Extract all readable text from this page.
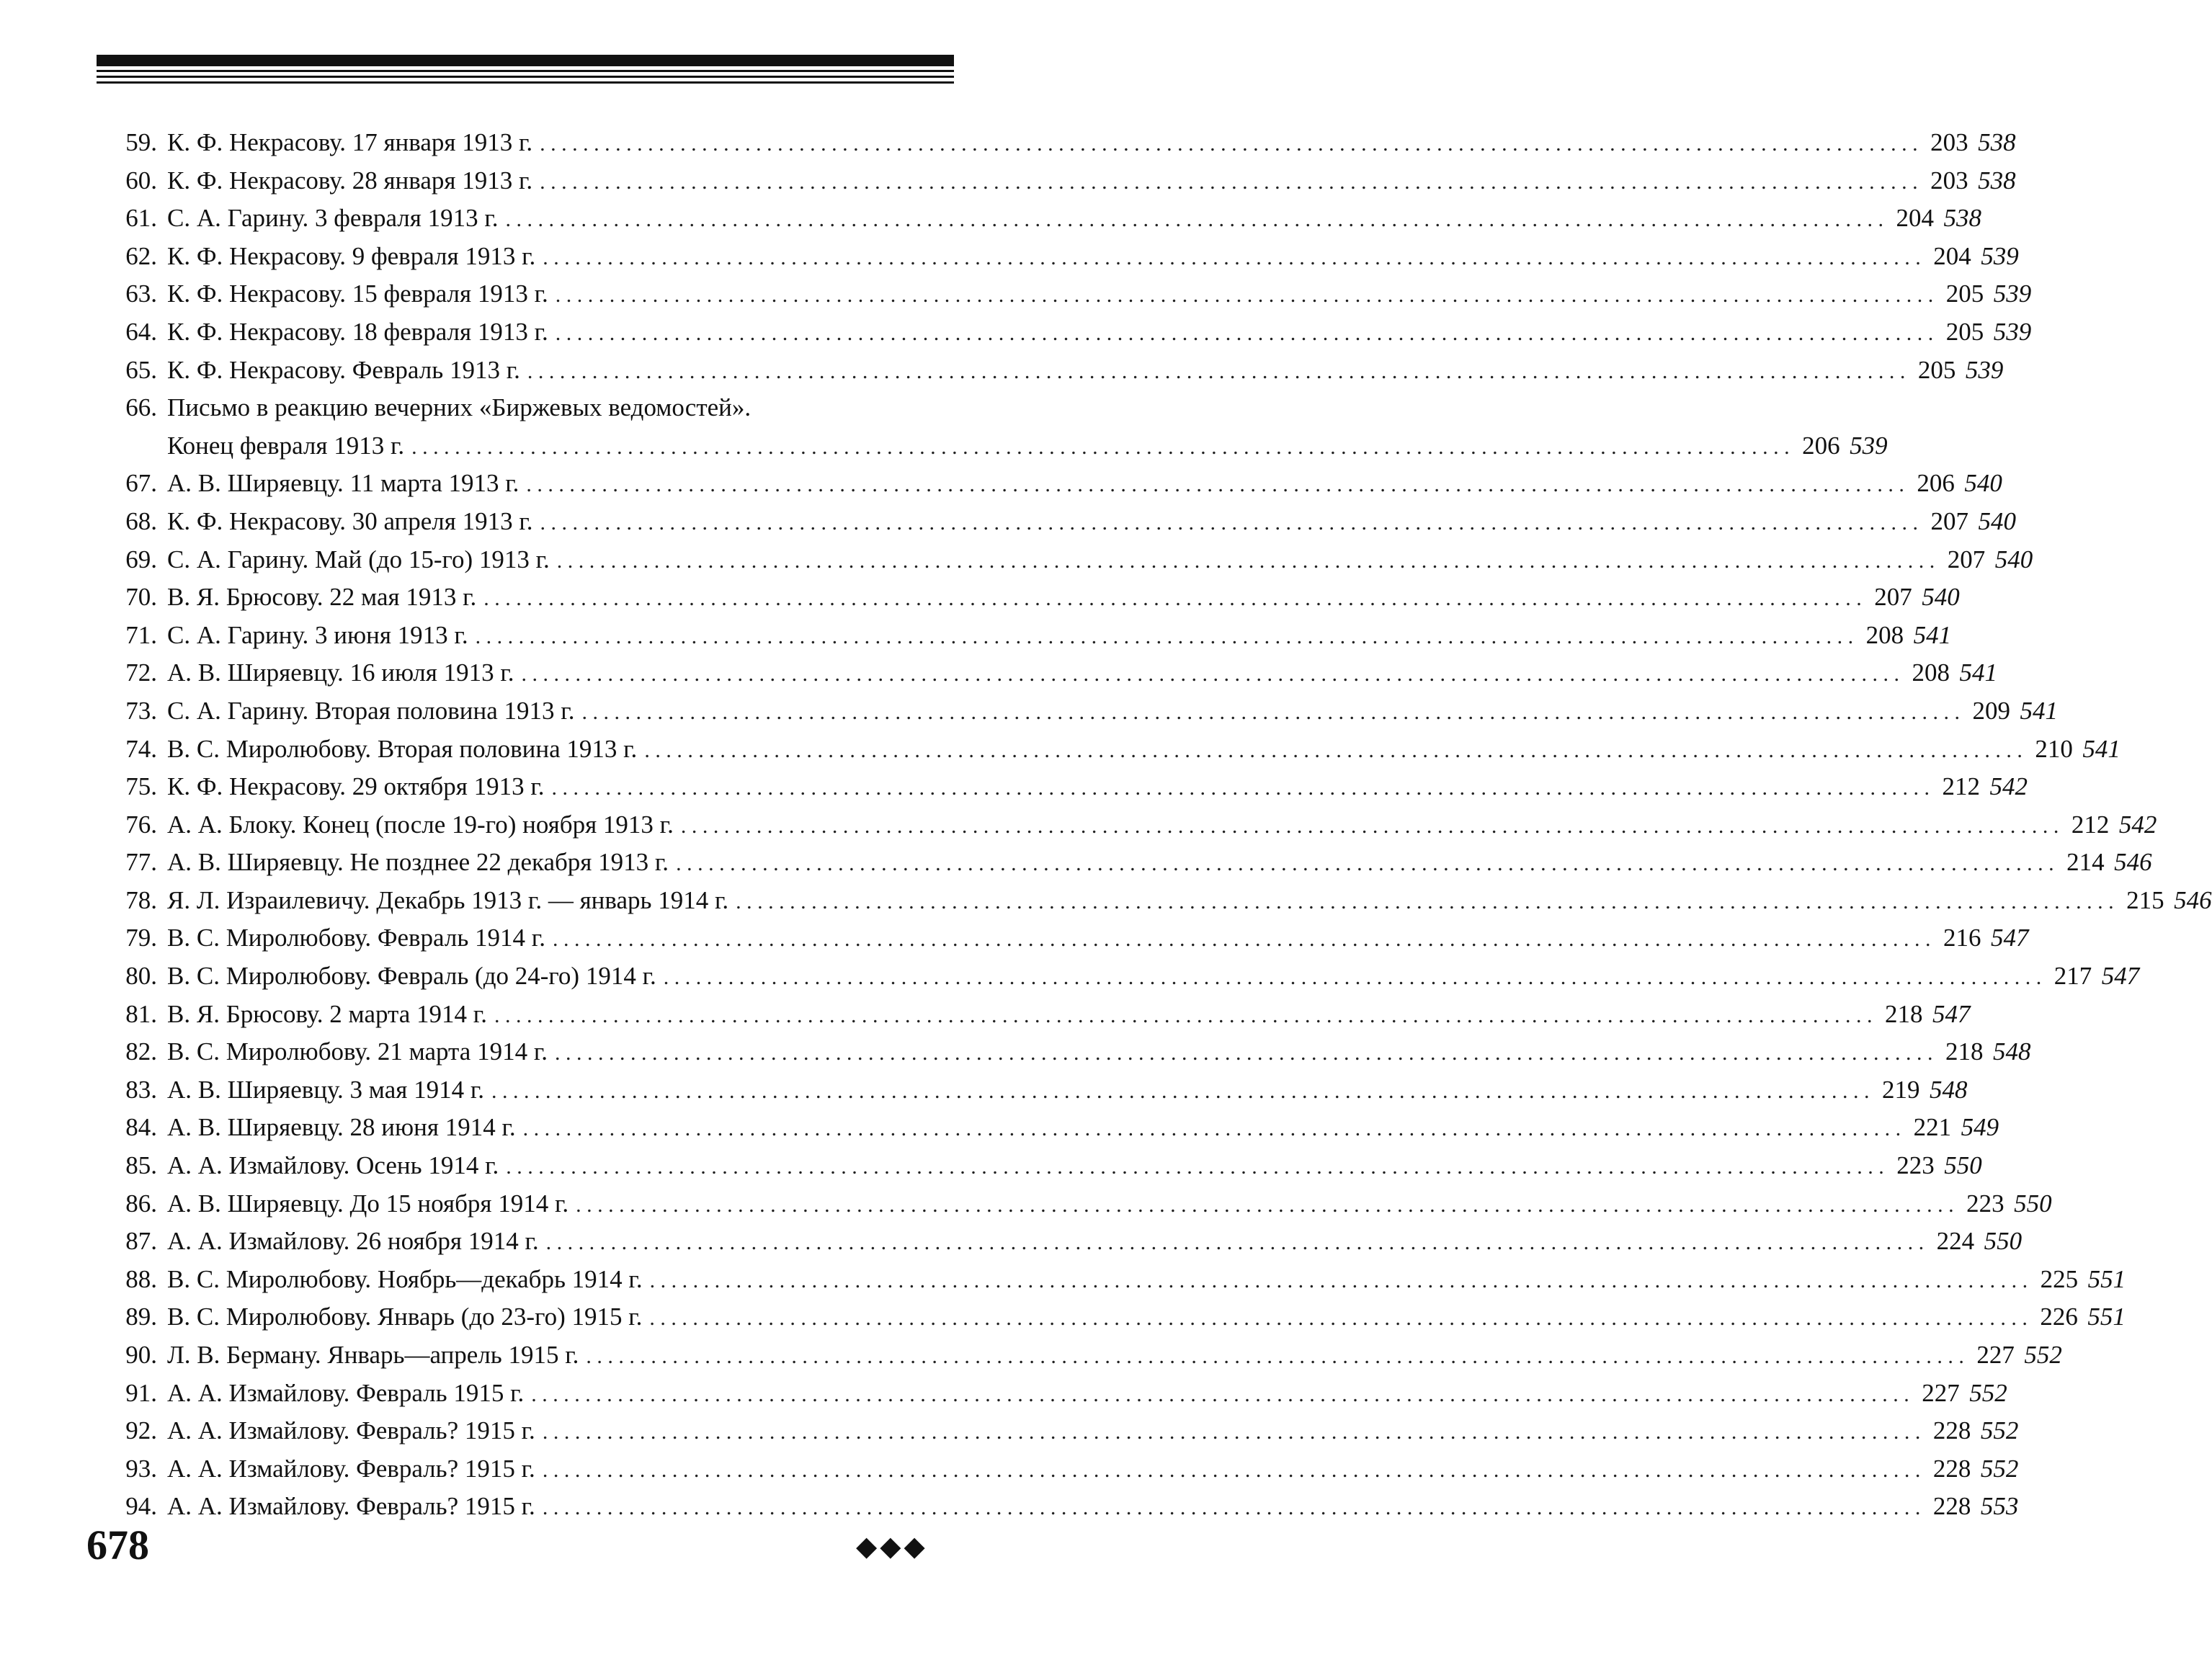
59. К. Ф. Некрасову. 17 января 1913 г. . . .	203 538
60. К. Ф. Некрасову. 28 января 1913 г. . . .	203 538
61. С. А. Гарину. 3 февраля 1913 г. . . .	204 538
62. К. Ф. Некрасову. 9 февраля 1913 г. . . .	204 539
63. К. Ф. Некрасову. 15 февраля 1913 г. . . .	205 539
64. К. Ф. Некрасову. 18 февраля 1913 г. . . .	205 539
65. К. Ф. Некрасову. Февраль 1913 г. . . .	205 539
66. Письмо в реакцию вечерних «Биржевых ведомостей».
Конец февраля 1913 г. . . .	206 539
67. А. В. Ширяевцу. 11 марта 1913 г. . . .	206 540
68. К. Ф. Некрасову. 30 апреля 1913 г. . . .	207 540
69. С. А. Гарину. Май (до 15-го) 1913 г. . . .	207 540
70. В. Я. Брюсову. 22 мая 1913 г. . . .	207 540
71. С. А. Гарину. 3 июня 1913 г. . . .	208 541
72. А. В. Ширяевцу. 16 июля 1913 г. . . .	208 541
73. С. А. Гарину. Вторая половина 1913 г. . . .	209 541
74. В. С. Миролюбову. Вторая половина 1913 г. . . .	210 541
75. К. Ф. Некрасову. 29 октября 1913 г. . . .	212 542
76. А. А. Блоку. Конец (после 19-го) ноября 1913 г. . . .	212 542
77. А. В. Ширяевцу. Не позднее 22 декабря 1913 г. . . .	214 546
78. Я. Л. Израилевичу. Декабрь 1913 г. — январь 1914 г. . . .	215 546
79. В. С. Миролюбову. Февраль 1914 г. . . .	216 547
80. В. С. Миролюбову. Февраль (до 24-го) 1914 г. . . .	217 547
81. В. Я. Брюсову. 2 марта 1914 г. . . .	218 547
82. В. С. Миролюбову. 21 марта 1914 г. . . .	218 548
83. А. В. Ширяевцу. 3 мая 1914 г. . . .	219 548
84. А. В. Ширяевцу. 28 июня 1914 г. . . .	221 549
85. А. А. Измайлову. Осень 1914 г. . . .	223 550
86. А. В. Ширяевцу. До 15 ноября 1914 г. . . .	223 550
87. А. А. Измайлову. 26 ноября 1914 г. . . .	224 550
88. В. С. Миролюбову. Ноябрь—декабрь 1914 г. . . .	225 551
89. В. С. Миролюбову. Январь (до 23-го) 1915 г. . . .	226 551
90. Л. В. Берману. Январь—апрель 1915 г. . . .	227 552
91. А. А. Измайлову. Февраль 1915 г. . . .	227 552
92. А. А. Измайлову. Февраль? 1915 г. . . .	228 552
93. А. А. Измайлову. Февраль? 1915 г. . . .	228 552
94. А. А. Измайлову. Февраль? 1915 г. . . .	228 553
678	◆◆◆
